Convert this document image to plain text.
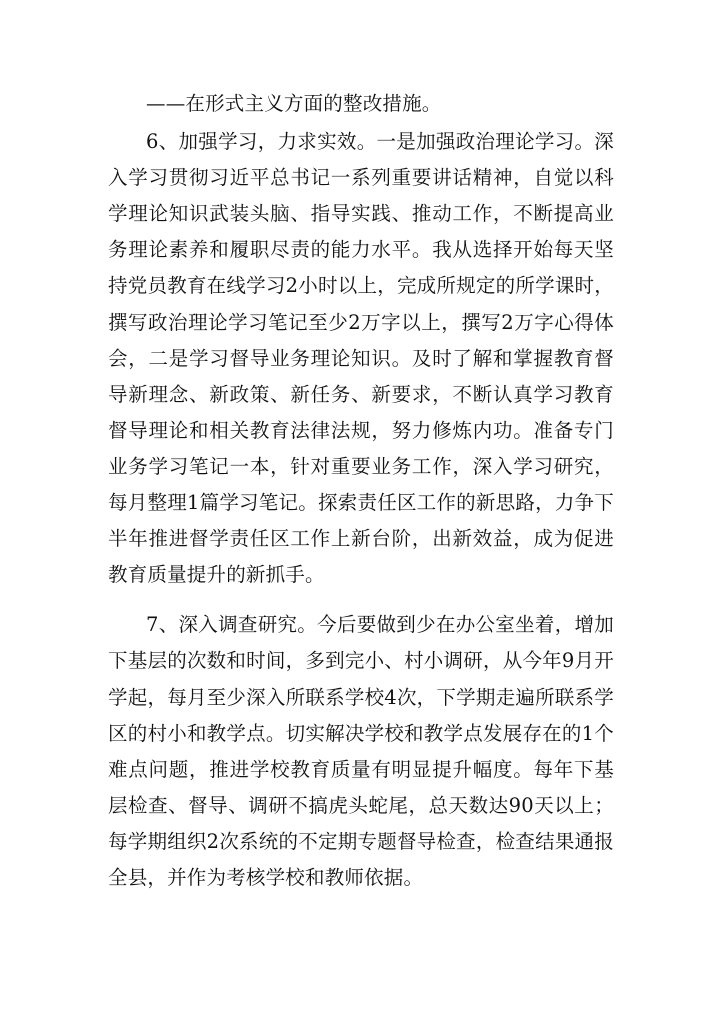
——在形式主义方面的整改措施。

6、加强学习，力求实效。一是加强政治理论学习。深入学习贯彻习近平总书记一系列重要讲话精神，自觉以科学理论知识武装头脑、指导实践、推动工作，不断提高业务理论素养和履职尽责的能力水平。我从选择开始每天坚持党员教育在线学习2小时以上，完成所规定的所学课时，撰写政治理论学习笔记至少2万字以上，撰写2万字心得体会，二是学习督导业务理论知识。及时了解和掌握教育督导新理念、新政策、新任务、新要求，不断认真学习教育督导理论和相关教育法律法规，努力修炼内功。准备专门业务学习笔记一本，针对重要业务工作，深入学习研究，每月整理1篇学习笔记。探索责任区工作的新思路，力争下半年推进督学责任区工作上新台阶，出新效益，成为促进教育质量提升的新抓手。

7、深入调查研究。今后要做到少在办公室坐着，增加下基层的次数和时间，多到完小、村小调研，从今年9月开学起，每月至少深入所联系学校4次，下学期走遍所联系学区的村小和教学点。切实解决学校和教学点发展存在的1个难点问题，推进学校教育质量有明显提升幅度。每年下基层检查、督导、调研不搞虎头蛇尾，总天数达90天以上；每学期组织2次系统的不定期专题督导检查，检查结果通报全县，并作为考核学校和教师依据。
